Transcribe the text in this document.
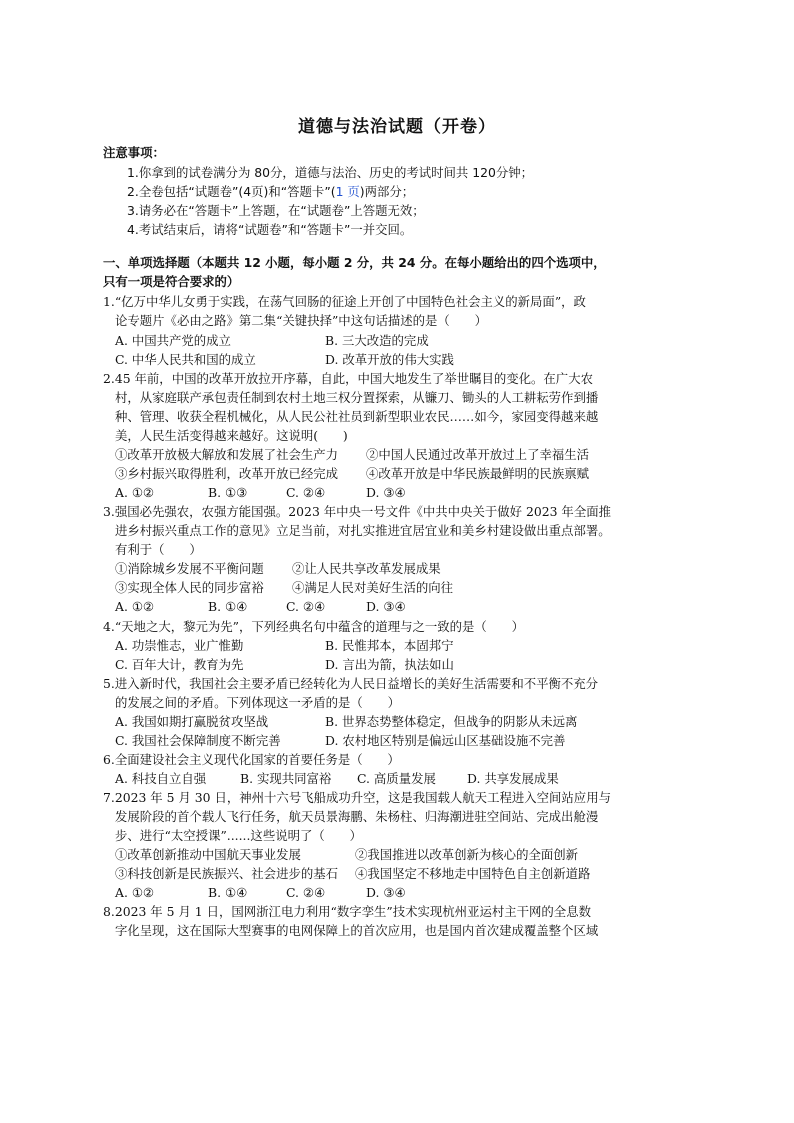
道德与法治试题（开卷）
注意事项：
1.你拿到的试卷满分为 80分，道德与法治、历史的考试时间共 120分钟；
2.全卷包括“试题卷”(4页)和“答题卡”(1 页)两部分；
3.请务必在“答题卡”上答题，在“试题卷”上答题无效；
4.考试结束后，请将“试题卷”和“答题卡”一并交回。
一、单项选择题（本题共 12 小题，每小题 2 分，共 24 分。在每小题给出的四个选项中，
只有一项是符合要求的）
1.“亿万中华儿女勇于实践，在荡气回肠的征途上开创了中国特色社会主义的新局面”，政
论专题片《必由之路》第二集“关键抉择”中这句话描述的是（　　）
A. 中国共产党的成立	B. 三大改造的完成
C. 中华人民共和国的成立	D. 改革开放的伟大实践
2.45 年前，中国的改革开放拉开序幕，自此，中国大地发生了举世瞩目的变化。在广大农
村，从家庭联产承包责任制到农村土地三权分置探索，从镰刀、锄头的人工耕耘劳作到播
种、管理、收获全程机械化，从人民公社社员到新型职业农民……如今，家园变得越来越
美，人民生活变得越来越好。这说明(　　)
①改革开放极大解放和发展了社会生产力 ②中国人民通过改革开放过上了幸福生活
③乡村振兴取得胜利，改革开放已经完成 ④改革开放是中华民族最鲜明的民族禀赋
A. ①②	B. ①③	C. ②④	D. ③④
3.强国必先强农，农强方能国强。2023 年中央一号文件《中共中央关于做好 2023 年全面推
进乡村振兴重点工作的意见》立足当前，对扎实推进宜居宜业和美乡村建设做出重点部署。
有利于（　　）
①消除城乡发展不平衡问题 ②让人民共享改革发展成果
③实现全体人民的同步富裕 ④满足人民对美好生活的向往
A. ①②	B. ①④	C. ②④	D. ③④
4.“天地之大，黎元为先”，下列经典名句中蕴含的道理与之一致的是（　　）
A. 功崇惟志，业广惟勤	B. 民惟邦本，本固邦宁
C. 百年大计，教育为先	D. 言出为箭，执法如山
5.进入新时代，我国社会主要矛盾已经转化为人民日益增长的美好生活需要和不平衡不充分
的发展之间的矛盾。下列体现这一矛盾的是（　　）
A. 我国如期打赢脱贫攻坚战	B. 世界态势整体稳定，但战争的阴影从未远离
C. 我国社会保障制度不断完善	D. 农村地区特别是偏远山区基础设施不完善
6.全面建设社会主义现代化国家的首要任务是（　　）
A. 科技自立自强	B. 实现共同富裕 C. 高质量发展	D. 共享发展成果
7.2023 年 5 月 30 日，神州十六号飞船成功升空，这是我国载人航天工程进入空间站应用与
发展阶段的首个载人飞行任务，航天员景海鹏、朱杨柱、归海潮进驻空间站、完成出舱漫
步、进行“太空授课”......这些说明了（　　）
①改革创新推动中国航天事业发展	②我国推进以改革创新为核心的全面创新
③科技创新是民族振兴、社会进步的基石 ④我国坚定不移地走中国特色自主创新道路
A. ①②	B. ①④	C. ②④	D. ③④
8.2023 年 5 月 1 日，国网浙江电力利用“数字孪生”技术实现杭州亚运村主干网的全息数
字化呈现，这在国际大型赛事的电网保障上的首次应用，也是国内首次建成覆盖整个区域
